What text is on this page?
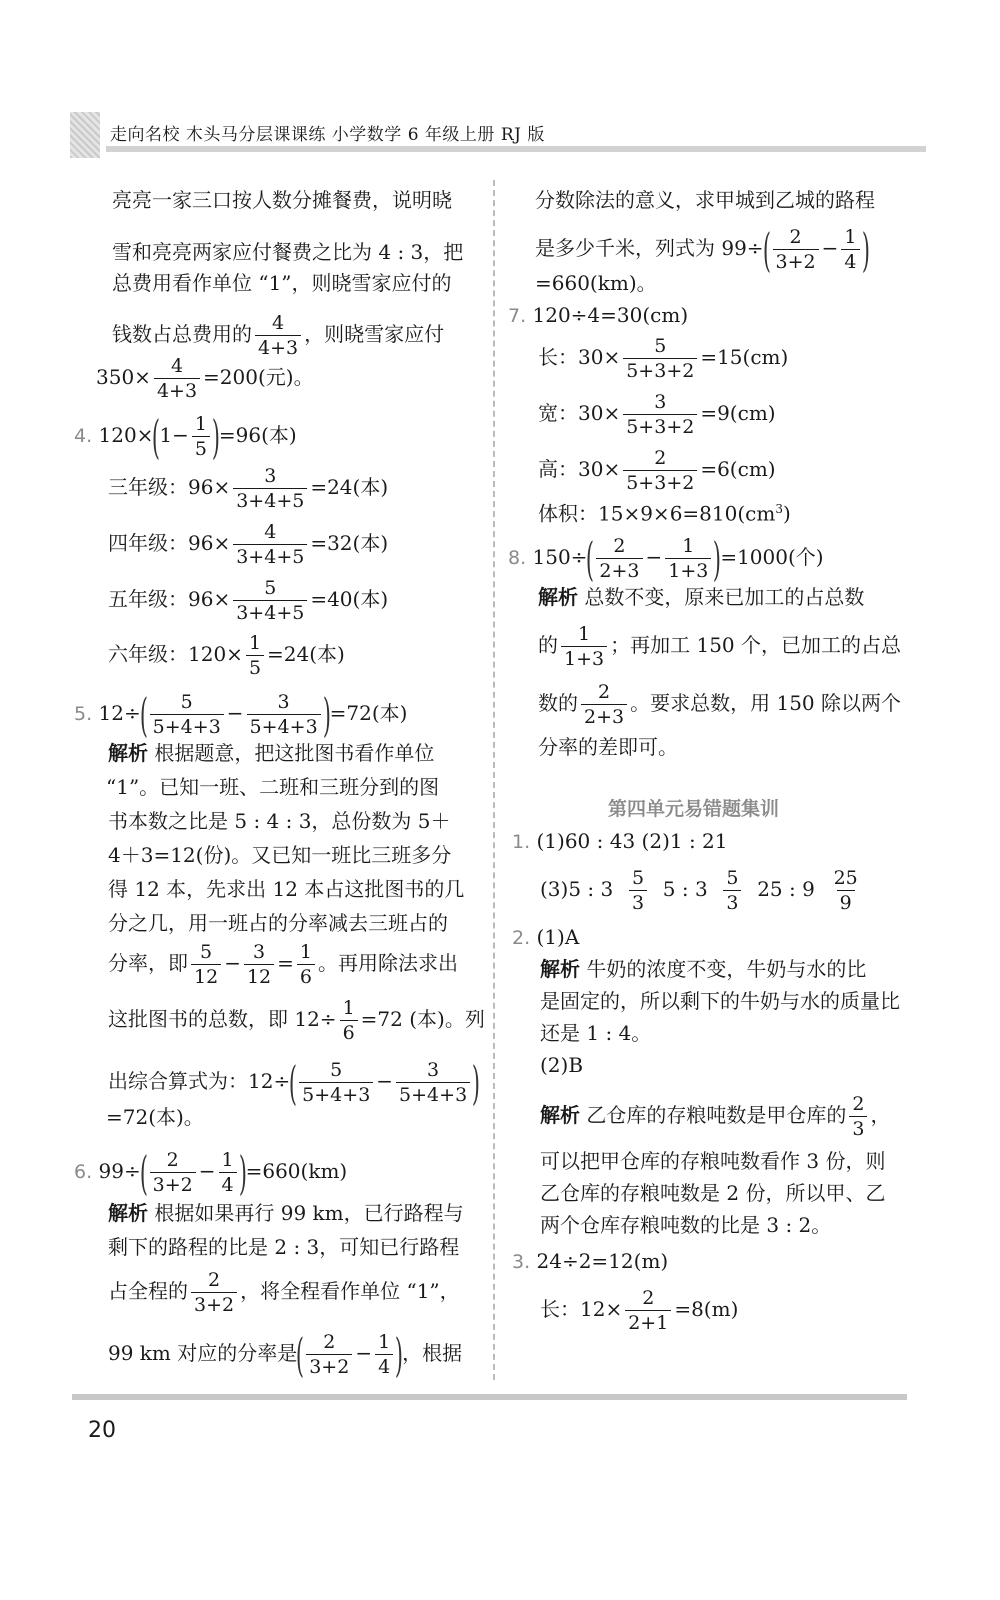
走向名校 木头马分层课课练 小学数学 6 年级上册 RJ 版
亮亮一家三口按人数分摊餐费，说明晓
雪和亮亮两家应付餐费之比为 4 : 3，把
总费用看作单位 “1”，则晓雪家应付的
钱数占总费用的 $\frac{4}{4+3}$ ，则晓雪家应付
$350\times \frac{4}{4+3} =200$(元)。
4. $120\times(1- \frac{1}{5} )=96$(本)
三年级：$96\times \frac{3}{3+4+5} =24$(本)
四年级：$96\times \frac{4}{3+4+5} =32$(本)
五年级：$96\times \frac{5}{3+4+5} =40$(本)
六年级：$120\times \frac{1}{5} =24$(本)
5. $12\div( \frac{5}{5+4+3} - \frac{3}{5+4+3} )=72$(本)
解析 根据题意，把这批图书看作单位
“1”。已知一班、二班和三班分到的图
书本数之比是 5 : 4 : 3，总份数为 5＋
4＋3=12(份)。又已知一班比三班多分
得 12 本，先求出 12 本占这批图书的几
分之几，用一班占的分率减去三班占的
分率，即 $\frac{5}{12} - \frac{3}{12} = \frac{1}{6}$ 。再用除法求出
这批图书的总数，即 $12\div \frac{1}{6} =72$ (本)。列
出综合算式为：$12\div( \frac{5}{5+4+3} - \frac{3}{5+4+3}$ )
=72(本)。
6. $99\div( \frac{2}{3+2} - \frac{1}{4} )=660(km)$
解析 根据如果再行 99 km，已行路程与
剩下的路程的比是 2 : 3，可知已行路程
占全程的 $\frac{2}{3+2}$ ，将全程看作单位 “1”，
99 km 对应的分率是( $\frac{2}{3+2} - \frac{1}{4}$ )，根据
分数除法的意义，求甲城到乙城的路程
是多少千米，列式为 $99\div( \frac{2}{3+2} - \frac{1}{4}$ )
=660(km)。
7. 120÷4=30(cm)
长：$30\times \frac{5}{5+3+2} =15(cm)$
宽：$30\times \frac{3}{5+3+2} =9(cm)$
高：$30\times \frac{2}{5+3+2} =6(cm)$
体积：$15\times 9\times 6=810(cm^3)$
8. $150\div( \frac{2}{2+3} - \frac{1}{1+3} )=1000$(个)
解析 总数不变，原来已加工的占总数
的 $\frac{1}{1+3}$ ；再加工 150 个，已加工的占总
数的 $\frac{2}{2+3}$ 。要求总数，用 150 除以两个
分率的差即可。
第四单元易错题集训
1. (1)60 : 43 (2)1 : 21
(3)5 : $3 \frac{5}{3} 5$ : $3 \frac{5}{3} 25$ : $9 \frac{25}{9}$
2. (1)A
解析 牛奶的浓度不变，牛奶与水的比
是固定的，所以剩下的牛奶与水的质量比
还是 1 : 4。
(2)B
解析 乙仓库的存粮吨数是甲仓库的 $\frac{2}{3}$ ，
可以把甲仓库的存粮吨数看作 3 份，则
乙仓库的存粮吨数是 2 份，所以甲、乙
两个仓库存粮吨数的比是 3 : 2。
3. 24÷2=12(m)
长：$12\times \frac{2}{2+1} =8(m)$
20
